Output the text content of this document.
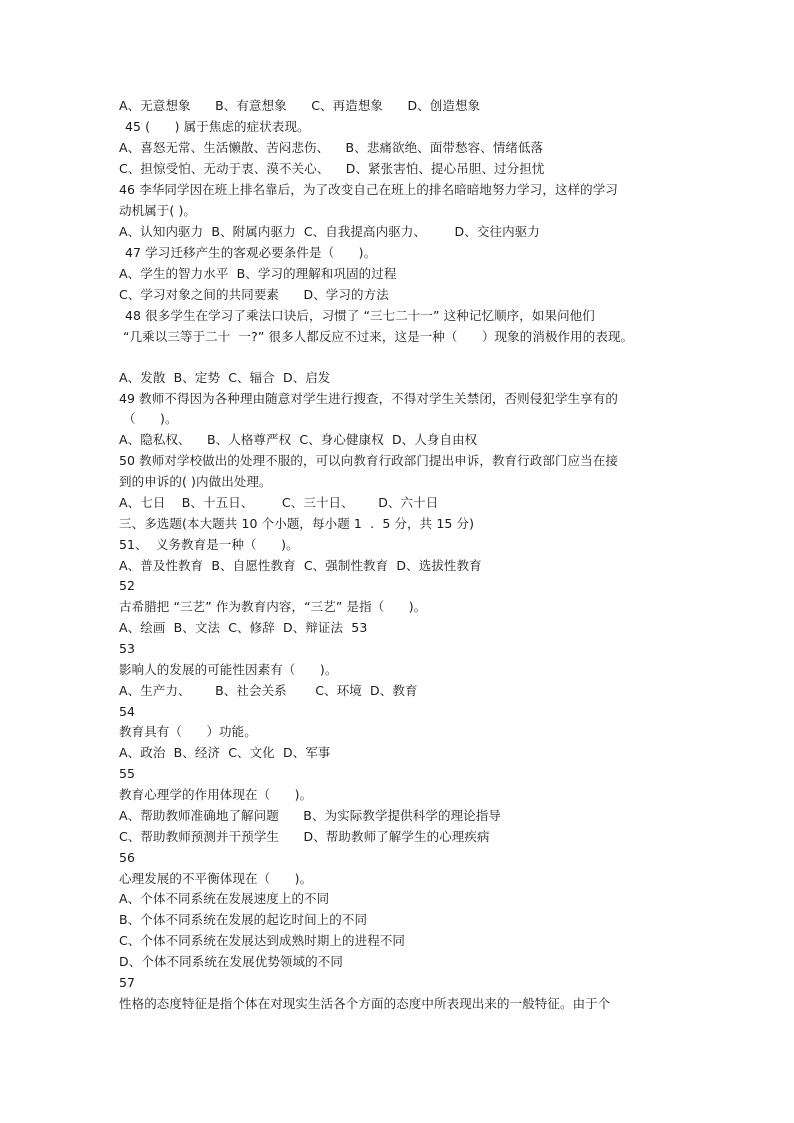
A、无意想象      B、有意想象      C、再造想象      D、创造想象
45 (      ) 属于焦虑的症状表现。
A、喜怒无常、生活懒散、苦闷悲伤、    B、悲痛欲绝、面带愁容、情绪低落
C、担惊受怕、无动于衷、漠不关心、    D、紧张害怕、提心吊胆、过分担忧
46 李华同学因在班上排名靠后，为了改变自己在班上的排名暗暗地努力学习，这样的学习
动机属于( )。
A、认知内驱力  B、附属内驱力  C、自我提高内驱力、       D、交往内驱力
47 学习迁移产生的客观必要条件是（      )。
A、学生的智力水平  B、学习的理解和巩固的过程
C、学习对象之间的共同要素      D、学习的方法
48 很多学生在学习了乘法口诀后，习惯了 “三七二十一” 这种记忆顺序，如果问他们
“几乘以三等于二十  一?” 很多人都反应不过来，这是一种（      ）现象的消极作用的表现。
A、发散  B、定势  C、辐合  D、启发
49 教师不得因为各种理由随意对学生进行搜查，不得对学生关禁闭，否则侵犯学生享有的
（      )。
A、隐私权、    B、人格尊严权  C、身心健康权  D、人身自由权
50 教师对学校做出的处理不服的，可以向教育行政部门提出申诉，教育行政部门应当在接
到的申诉的( )内做出处理。
A、七日    B、十五日、       C、三十日、      D、六十日
三、多选题(本大题共 10 个小题，每小题 1  .  5 分，共 15 分)
51、  义务教育是一种（      )。
A、普及性教育  B、自愿性教育  C、强制性教育  D、选拔性教育
52
古希腊把 “三艺” 作为教育内容，“三艺” 是指（      )。
A、绘画  B、文法  C、修辞  D、辩证法  53
53
影响人的发展的可能性因素有（      )。
A、生产力、      B、社会关系       C、环境  D、教育
54
教育具有（      ）功能。
A、政治  B、经济  C、文化  D、军事
55
教育心理学的作用体现在（      )。
A、帮助教师准确地了解问题      B、为实际教学提供科学的理论指导
C、帮助教师预测并干预学生      D、帮助教师了解学生的心理疾病
56
心理发展的不平衡体现在（      )。
A、个体不同系统在发展速度上的不同
B、个体不同系统在发展的起讫时间上的不同
C、个体不同系统在发展达到成熟时期上的进程不同
D、个体不同系统在发展优势领域的不同
57
性格的态度特征是指个体在对现实生活各个方面的态度中所表现出来的一般特征。由于个
